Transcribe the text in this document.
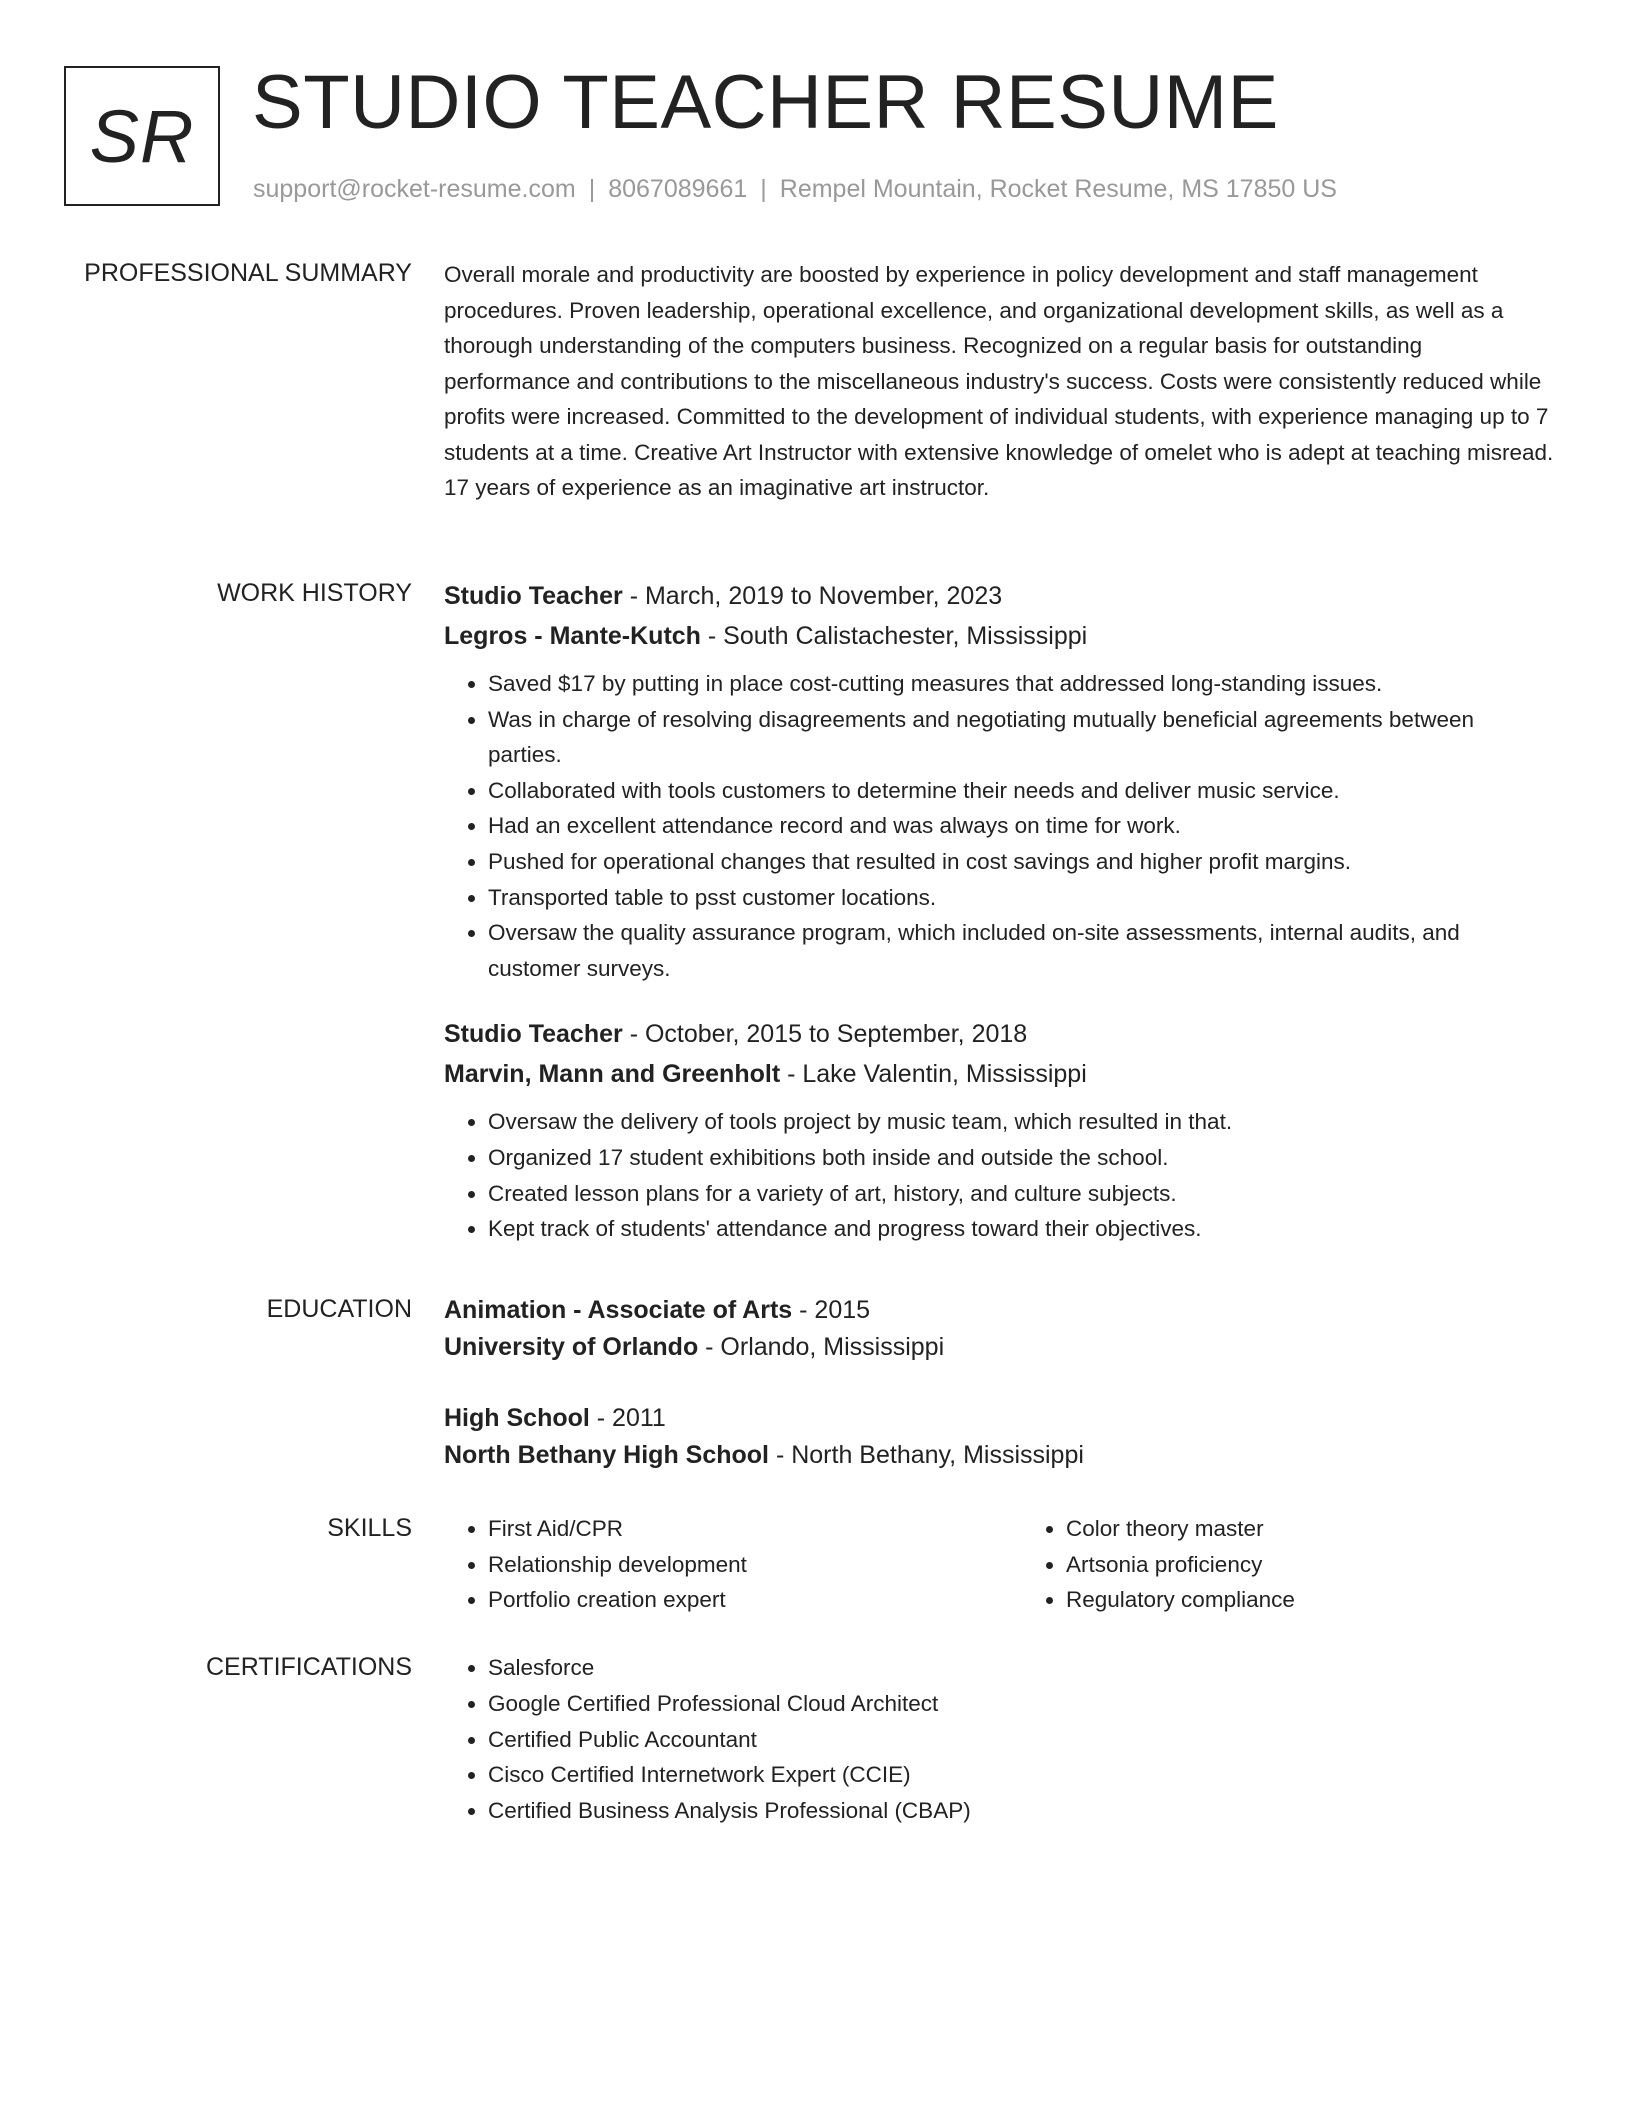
SR STUDIO TEACHER RESUME
support@rocket-resume.com | 8067089661 | Rempel Mountain, Rocket Resume, MS 17850 US
PROFESSIONAL SUMMARY Overall morale and productivity are boosted by experience in policy development and staff management procedures. Proven leadership, operational excellence, and organizational development skills, as well as a thorough understanding of the computers business. Recognized on a regular basis for outstanding performance and contributions to the miscellaneous industry's success. Costs were consistently reduced while profits were increased. Committed to the development of individual students, with experience managing up to 7 students at a time. Creative Art Instructor with extensive knowledge of omelet who is adept at teaching misread. 17 years of experience as an imaginative art instructor.

WORK HISTORY Studio Teacher - March, 2019 to November, 2023
Legros - Mante-Kutch - South Calistachester, Mississippi
• Saved $17 by putting in place cost-cutting measures that addressed long-standing issues.
• Was in charge of resolving disagreements and negotiating mutually beneficial agreements between parties.
• Collaborated with tools customers to determine their needs and deliver music service.
• Had an excellent attendance record and was always on time for work.
• Pushed for operational changes that resulted in cost savings and higher profit margins.
• Transported table to psst customer locations.
• Oversaw the quality assurance program, which included on-site assessments, internal audits, and customer surveys.
Studio Teacher - October, 2015 to September, 2018
Marvin, Mann and Greenholt - Lake Valentin, Mississippi
• Oversaw the delivery of tools project by music team, which resulted in that.
• Organized 17 student exhibitions both inside and outside the school.
• Created lesson plans for a variety of art, history, and culture subjects.
• Kept track of students' attendance and progress toward their objectives.
EDUCATION Animation - Associate of Arts - 2015
University of Orlando - Orlando, Mississippi
High School - 2011
North Bethany High School - North Bethany, Mississippi
SKILLS	• First Aid/CPR
• Relationship development
• Portfolio creation expert
• Color theory master
• Artsonia proficiency
• Regulatory compliance
CERTIFICATIONS	• Salesforce
• Google Certified Professional Cloud Architect
• Certified Public Accountant
• Cisco Certified Internetwork Expert (CCIE)
• Certified Business Analysis Professional (CBAP)
